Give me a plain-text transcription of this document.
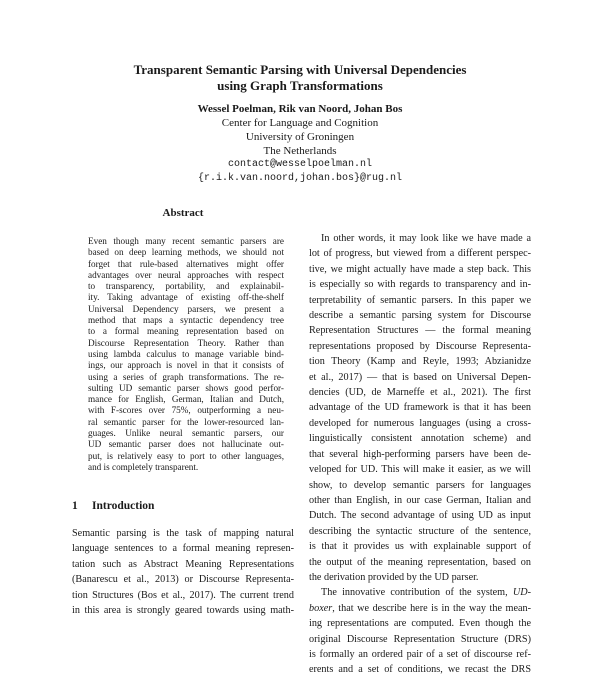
Transparent Semantic Parsing with Universal Dependencies
using Graph Transformations
Wessel Poelman, Rik van Noord, Johan Bos
Center for Language and Cognition
University of Groningen
The Netherlands
contact@wesselpoelman.nl
{r.i.k.van.noord,johan.bos}@rug.nl
Abstract
Even though many recent semantic parsers are
based on deep learning methods, we should not
forget that rule-based alternatives might offer
advantages over neural approaches with respect
to transparency, portability, and explainabil-
ity. Taking advantage of existing off-the-shelf
Universal Dependency parsers, we present a
method that maps a syntactic dependency tree
to a formal meaning representation based on
Discourse Representation Theory. Rather than
using lambda calculus to manage variable bind-
ings, our approach is novel in that it consists of
using a series of graph transformations. The re-
sulting UD semantic parser shows good perfor-
mance for English, German, Italian and Dutch,
with F-scores over 75%, outperforming a neu-
ral semantic parser for the lower-resourced lan-
guages. Unlike neural semantic parsers, our
UD semantic parser does not hallucinate out-
put, is relatively easy to port to other languages,
and is completely transparent.
1 Introduction
Semantic parsing is the task of mapping natural
language sentences to a formal meaning represen-
tation such as Abstract Meaning Representations
(Banarescu et al., 2013) or Discourse Representa-
tion Structures (Bos et al., 2017). The current trend
in this area is strongly geared towards using math-
In other words, it may look like we have made a
lot of progress, but viewed from a different perspec-
tive, we might actually have made a step back. This
is especially so with regards to transparency and in-
terpretability of semantic parsers. In this paper we
describe a semantic parsing system for Discourse
Representation Structures — the formal meaning
representations proposed by Discourse Representa-
tion Theory (Kamp and Reyle, 1993; Abzianidze
et al., 2017) — that is based on Universal Depen-
dencies (UD, de Marneffe et al., 2021). The first
advantage of the UD framework is that it has been
developed for numerous languages (using a cross-
linguistically consistent annotation scheme) and
that several high-performing parsers have been de-
veloped for UD. This will make it easier, as we will
show, to develop semantic parsers for languages
other than English, in our case German, Italian and
Dutch. The second advantage of using UD as input
describing the syntactic structure of the sentence,
is that it provides us with explainable support of
the output of the meaning representation, based on
the derivation provided by the UD parser.
The innovative contribution of the system, UD-
boxer, that we describe here is in the way the mean-
ing representations are computed. Even though the
original Discourse Representation Structure (DRS)
is formally an ordered pair of a set of discourse ref-
erents and a set of conditions, we recast the DRS
